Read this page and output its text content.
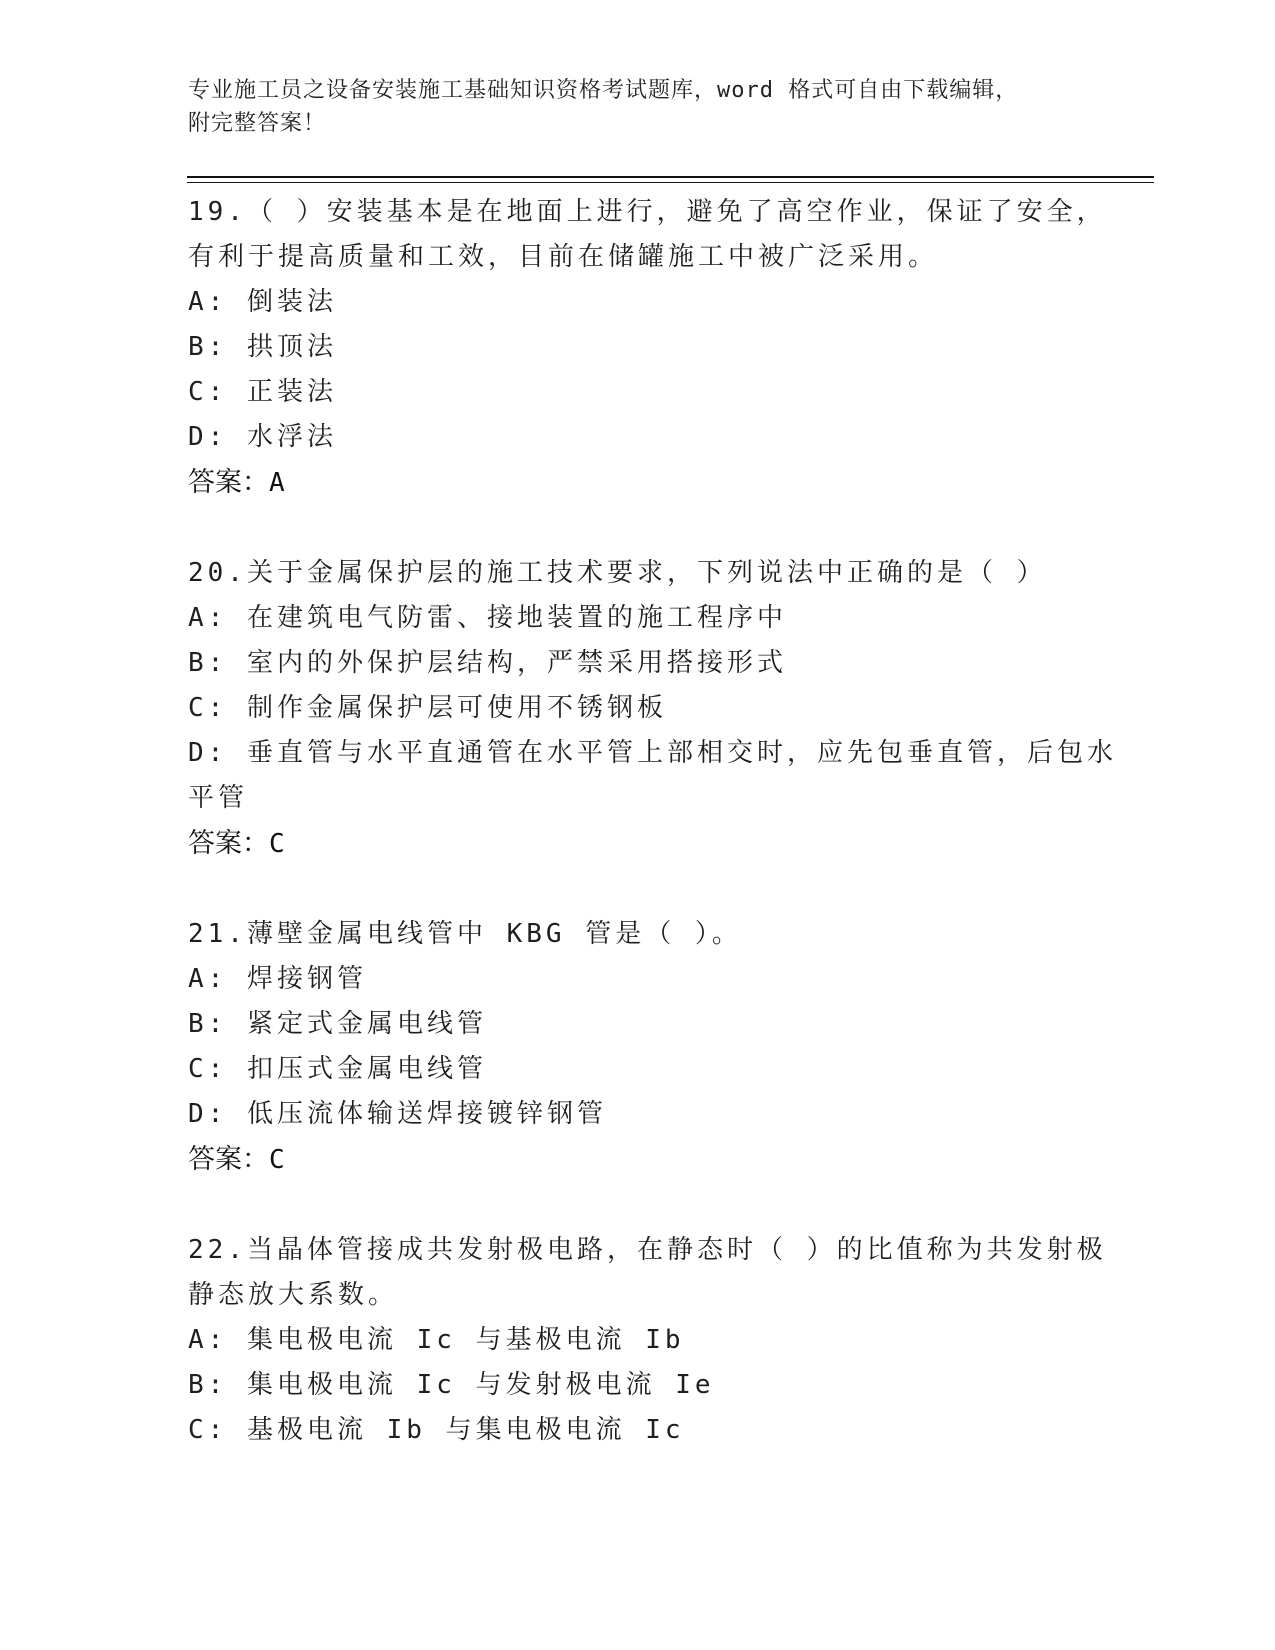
专业施工员之设备安装施工基础知识资格考试题库，word 格式可自由下载编辑，
附完整答案！
19.（ ）安装基本是在地面上进行，避免了高空作业，保证了安全，
有利于提高质量和工效，目前在储罐施工中被广泛采用。
A: 倒装法
B: 拱顶法
C: 正装法
D: 水浮法
答案：A
20.关于金属保护层的施工技术要求，下列说法中正确的是（ ）
A: 在建筑电气防雷、接地装置的施工程序中
B: 室内的外保护层结构，严禁采用搭接形式
C: 制作金属保护层可使用不锈钢板
D: 垂直管与水平直通管在水平管上部相交时，应先包垂直管，后包水
平管
答案：C
21.薄壁金属电线管中 KBG 管是（ ）。
A: 焊接钢管
B: 紧定式金属电线管
C: 扣压式金属电线管
D: 低压流体输送焊接镀锌钢管
答案：C
22.当晶体管接成共发射极电路，在静态时（ ）的比值称为共发射极
静态放大系数。
A: 集电极电流 Ic 与基极电流 Ib
B: 集电极电流 Ic 与发射极电流 Ie
C: 基极电流 Ib 与集电极电流 Ic
